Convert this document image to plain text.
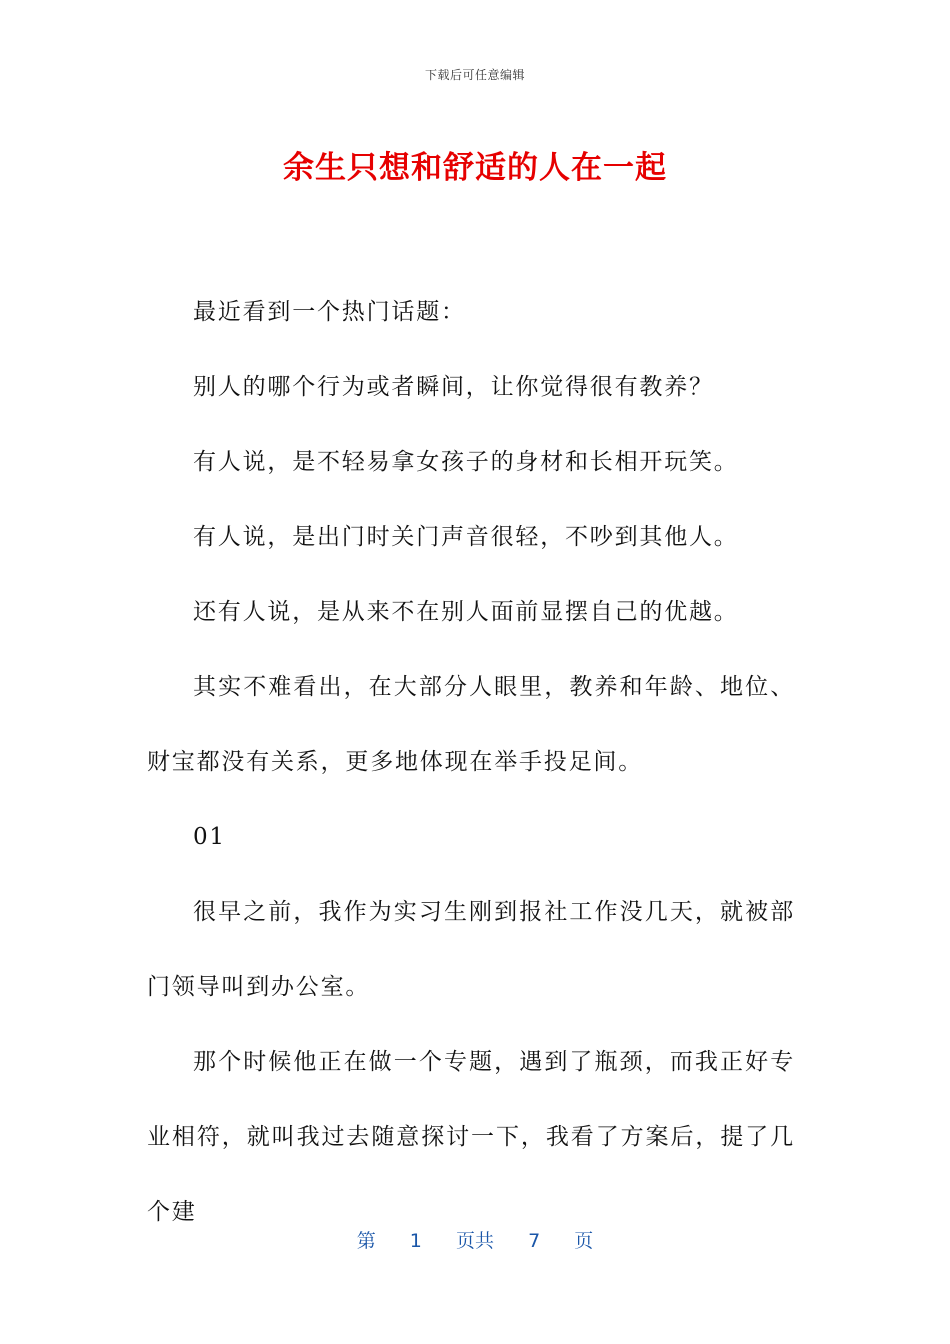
下载后可任意编辑
余生只想和舒适的人在一起

最近看到一个热门话题：

别人的哪个行为或者瞬间，让你觉得很有教养？

有人说，是不轻易拿女孩子的身材和长相开玩笑。

有人说，是出门时关门声音很轻，不吵到其他人。

还有人说，是从来不在别人面前显摆自己的优越。

其实不难看出，在大部分人眼里，教养和年龄、地位、财宝都没有关系，更多地体现在举手投足间。

01

很早之前，我作为实习生刚到报社工作没几天，就被部门领导叫到办公室。

那个时候他正在做一个专题，遇到了瓶颈，而我正好专业相符，就叫我过去随意探讨一下，我看了方案后，提了几个建

第 1 页共 7 页
